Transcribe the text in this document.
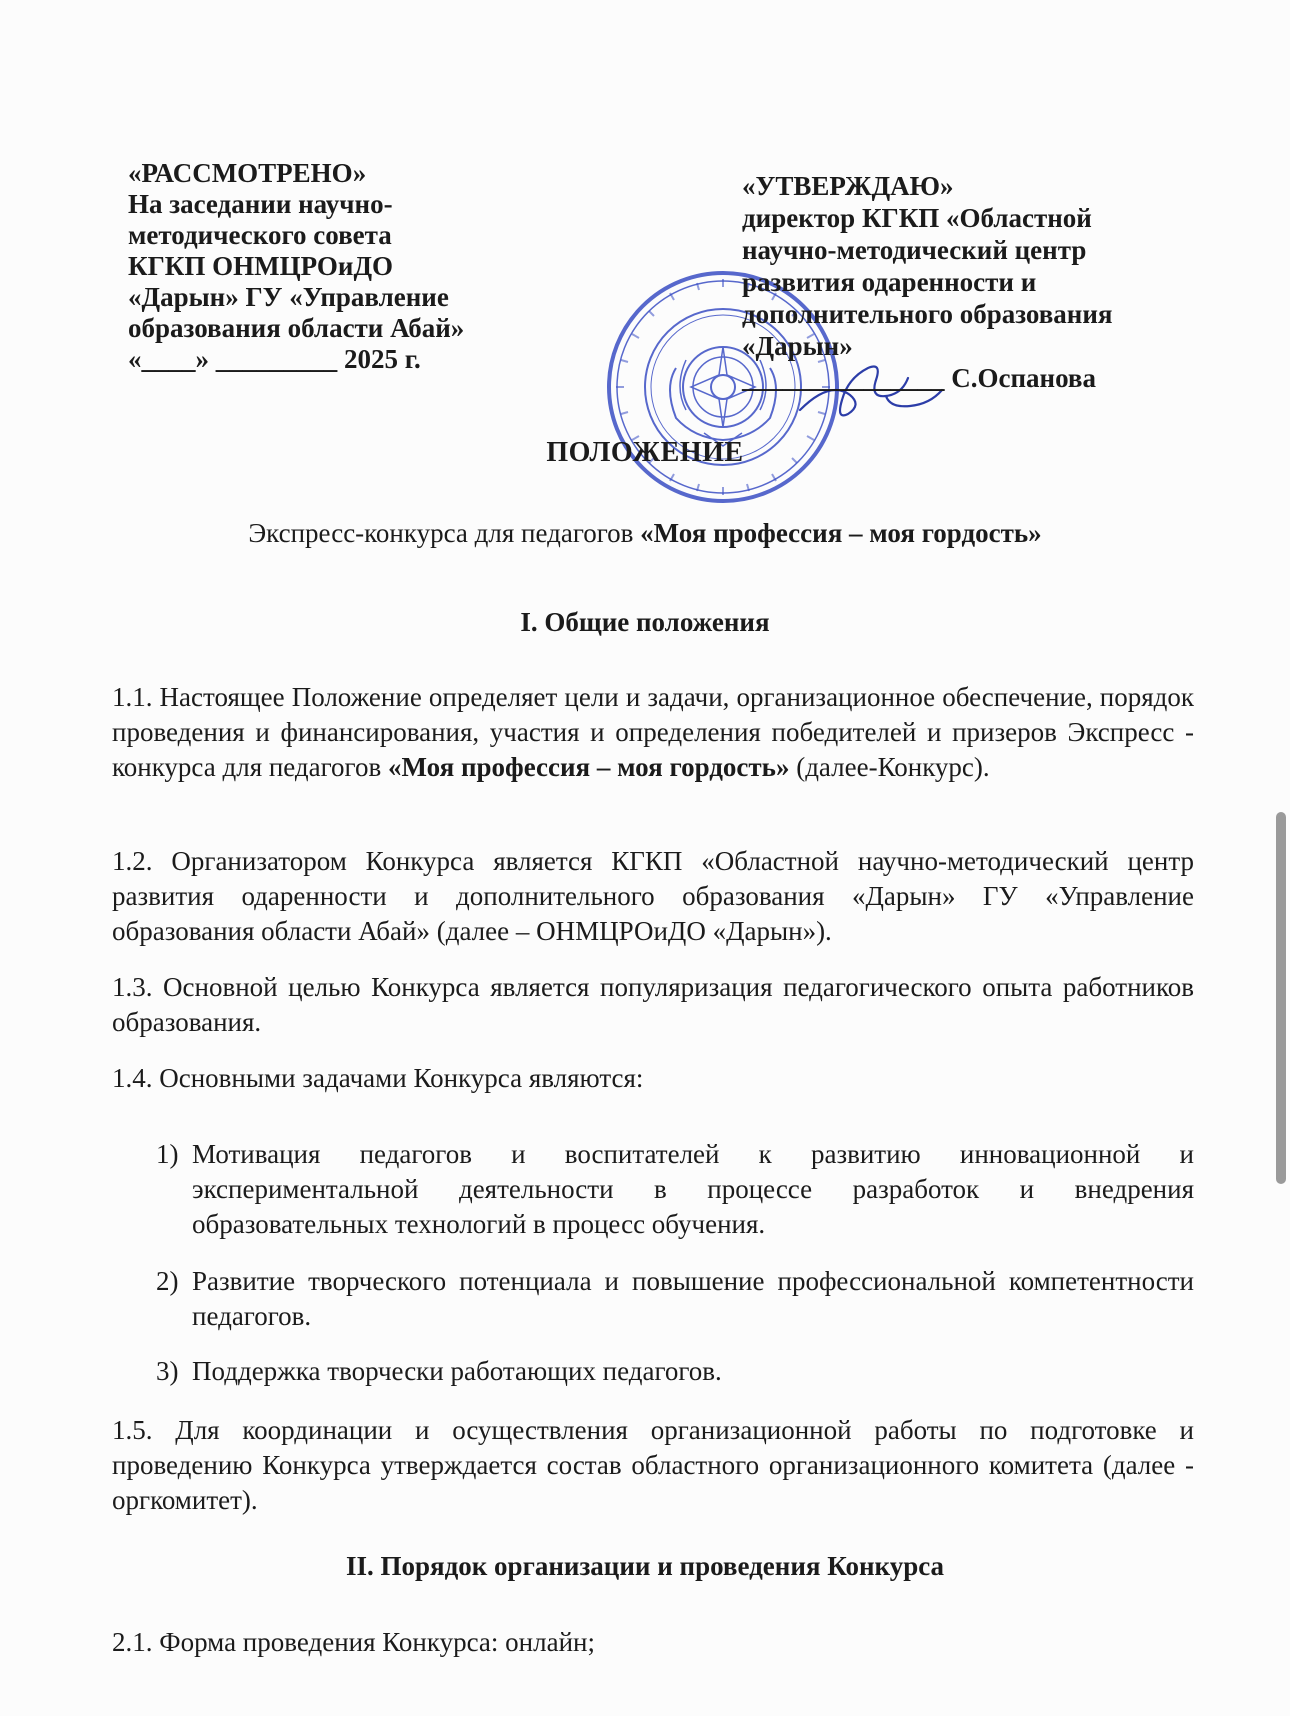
«РАССМОТРЕНО»
На заседании научно-
методического совета
КГКП ОНМЦРОиДО
«Дарын» ГУ «Управление
образования области Абай»
«____» _________ 2025 г.
«УТВЕРЖДАЮ»
директор КГКП «Областной
научно-методический центр
развития одаренности и
дополнительного образования
«Дарын»
_______________ С.Оспанова
ПОЛОЖЕНИЕ
Экспресс-конкурса для педагогов «Моя профессия – моя гордость»
I. Общие положения
1.1. Настоящее Положение определяет цели и задачи, организационное обеспечение, порядок проведения и финансирования, участия и определения победителей и призеров Экспресс - конкурса для педагогов «Моя профессия – моя гордость» (далее-Конкурс).
1.2. Организатором Конкурса является КГКП «Областной научно-методический центр развития одаренности и дополнительного образования «Дарын» ГУ «Управление образования области Абай» (далее – ОНМЦРОиДО «Дарын»).
1.3. Основной целью Конкурса является популяризация педагогического опыта работников образования.
1.4. Основными задачами Конкурса являются:
1) Мотивация педагогов и воспитателей к развитию инновационной и экспериментальной деятельности в процессе разработок и внедрения образовательных технологий в процесс обучения.
2) Развитие творческого потенциала и повышение профессиональной компетентности педагогов.
3) Поддержка творчески работающих педагогов.
1.5. Для координации и осуществления организационной работы по подготовке и проведению Конкурса утверждается состав областного организационного комитета (далее - оргкомитет).
II. Порядок организации и проведения Конкурса
2.1. Форма проведения Конкурса: онлайн;
